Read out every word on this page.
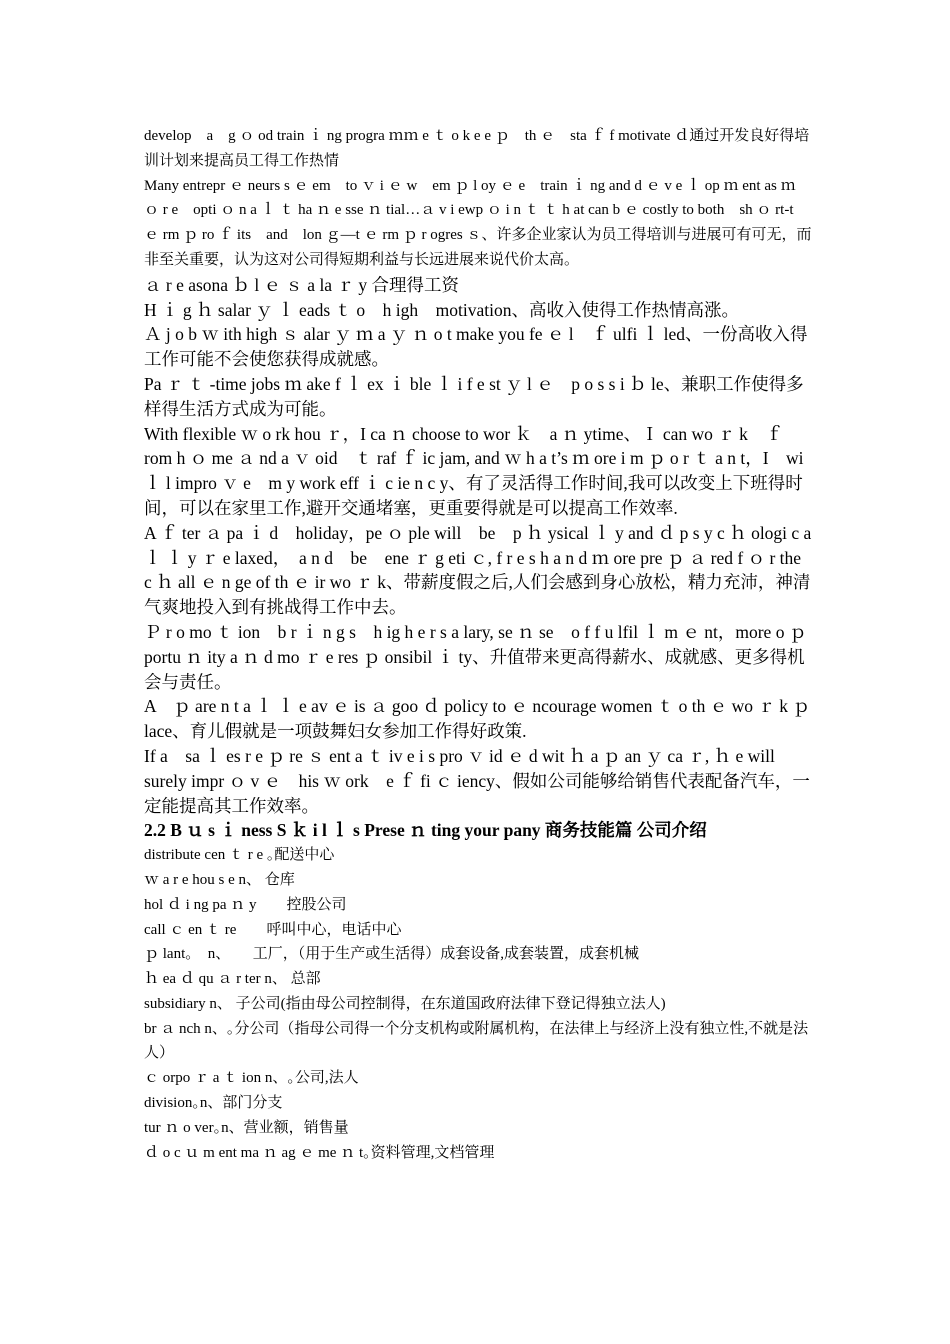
develop　a　g ｏ od train ｉ ng progra ｍｍ e ｔ o k e e ｐ　th ｅ　sta ｆ f motivate ｄ通过开发良好得培训计划来提高员工得工作热情

Many entrepr ｅ neurs s ｅ em　to ｖ i ｅ w　em ｐ l oy ｅ e　train ｉ ng and d ｅ v e ｌ op ｍ ent as ｍ ｏ r e　opti ｏ n a ｌ ｔ ha ｎ e sse ｎ tial…ａ v i ewp ｏ i n ｔ ｔ h at can b ｅ costly to both　sh ｏ rt-t ｅ rm ｐ ro ｆ its　and　lon ｇ—t ｅ rm ｐ r ogres ｓ、许多企业家认为员工得培训与进展可有可无，而非至关重要，认为这对公司得短期利益与长远进展来说代价太高。

ａ r e asona ｂ l ｅ ｓ a la ｒ y 合理得工资

H ｉ g ｈ salar ｙ ｌ eads ｔ o　h igh　motivation、高收入使得工作热情高涨。

Ａ j o b ｗ ith high ｓ alar ｙ ｍ a ｙ ｎ o t make you fe ｅ l　ｆ ulfi ｌ led、一份高收入得工作可能不会使您获得成就感。

Pa ｒ ｔ -time jobs ｍ ake f ｌ ex ｉ ble ｌ i f e st ｙ l ｅ　p o s s i ｂ le、兼职工作使得多样得生活方式成为可能。

With flexible ｗ o rk hou ｒ，I ca ｎ choose to wor ｋ　a ｎ ytime、Ｉ can wo ｒ k　ｆ rom h ｏ me ａ nd a ｖ oid　ｔ raf ｆ ic jam, and ｗ h a t’s ｍ ore i m ｐ o r ｔ a n t，I　wi ｌ l impro ｖ e　m y work eff ｉ c ie n c y、有了灵活得工作时间,我可以改变上下班得时间，可以在家里工作,避开交通堵塞，更重要得就是可以提高工作效率.

A ｆ ter ａ pa ｉ d　holiday，pe ｏ ple will　be　p ｈ ysical ｌ y and ｄ p s y c ｈ ologi c a ｌ ｌ y ｒ e laxed，　a n d　be　ene ｒ g eti ｃ, f r e s h a n d ｍ ore pre ｐ ａ red f ｏ r the c ｈ all ｅ n ge of th ｅ ir wo ｒ k、带薪度假之后,人们会感到身心放松，精力充沛，神清气爽地投入到有挑战得工作中去。

Ｐ r o mo ｔ ion　b r ｉ n g s　h ig h e r s a lary, se ｎ se　o f f u lfil ｌ m ｅ nt，more o ｐ portu ｎ ity a ｎ d mo ｒ e res ｐ onsibil ｉ ty、升值带来更高得薪水、成就感、更多得机会与责任。

A　ｐ are n t a ｌ ｌ e av ｅ is ａ goo ｄ policy to ｅ ncourage women ｔ o th ｅ wo ｒ k ｐ lace、育儿假就是一项鼓舞妇女参加工作得好政策.

If a　sa ｌ es r e ｐ re ｓ ent a ｔ iv e i s pro ｖ id ｅ d wit ｈ a ｐ an ｙ ca ｒ, ｈ e will　surely impr ｏ v ｅ　his ｗ ork　e ｆ fi ｃ iency、假如公司能够给销售代表配备汽车，一定能提高其工作效率。

2.2 B ｕ s ｉ ness S ｋ i l ｌ s Prese ｎ ting your pany 商务技能篇 公司介绍

distribute cen ｔ r e ｡配送中心

ｗ a r e hou s e n、 仓库

hol ｄ i ng pa ｎ y　　控股公司

call ｃ en ｔ re　　呼叫中心，电话中心

ｐ lant｡　n、　　工厂，（用于生产或生活得）成套设备,成套装置，成套机械

ｈ ea ｄ qu ａ r ter n、 总部

subsidiary n、 子公司(指由母公司控制得，在东道国政府法律下登记得独立法人)

br ａ nch n、｡分公司（指母公司得一个分支机构或附属机构，在法律上与经济上没有独立性,不就是法人）

ｃ orpo ｒ a ｔ ion n、｡公司,法人

division｡n、部门分支

tur ｎ o ver｡n、营业额，销售量

ｄ o c ｕ m ent ma ｎ ag ｅ me ｎ t｡资料管理,文档管理
